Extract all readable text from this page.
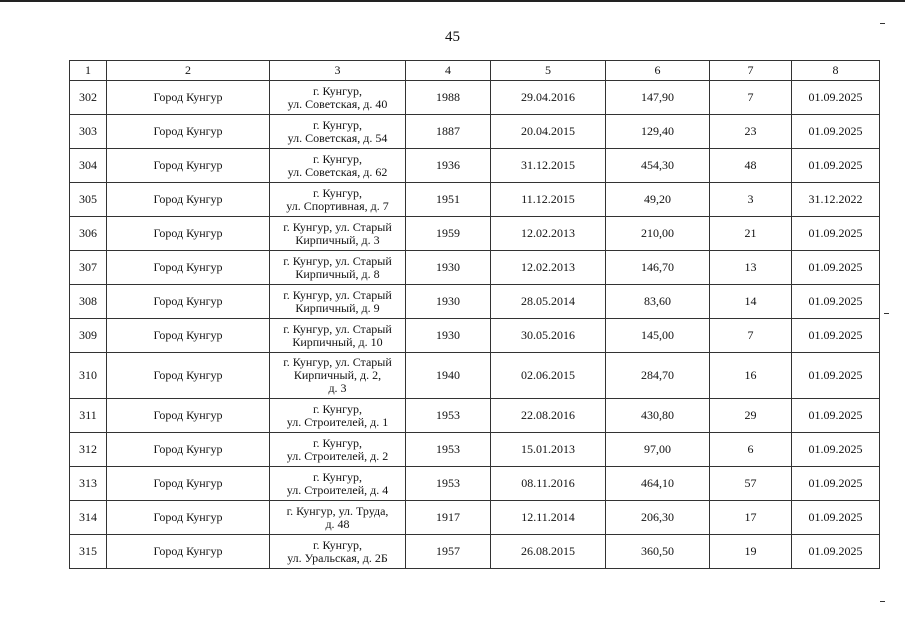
45
1	2	3	4	5	6	7	8
302	Город Кунгур	г. Кунгур,
ул. Советская, д. 40	1988	29.04.2016	147,90	7	01.09.2025
303	Город Кунгур	г. Кунгур,
ул. Советская, д. 54	1887	20.04.2015	129,40	23	01.09.2025
304	Город Кунгур	г. Кунгур,
ул. Советская, д. 62	1936	31.12.2015	454,30	48	01.09.2025
305	Город Кунгур	г. Кунгур,
ул. Спортивная, д. 7	1951	11.12.2015	49,20	3	31.12.2022
306	Город Кунгур	г. Кунгур, ул. Старый
Кирпичный, д. 3	1959	12.02.2013	210,00	21	01.09.2025
307	Город Кунгур	г. Кунгур, ул. Старый
Кирпичный, д. 8	1930	12.02.2013	146,70	13	01.09.2025
308	Город Кунгур	г. Кунгур, ул. Старый
Кирпичный, д. 9	1930	28.05.2014	83,60	14	01.09.2025
309	Город Кунгур	г. Кунгур, ул. Старый
Кирпичный, д. 10	1930	30.05.2016	145,00	7	01.09.2025
310	Город Кунгур	г. Кунгур, ул. Старый
Кирпичный, д. 2,
д. 3	1940	02.06.2015	284,70	16	01.09.2025
311	Город Кунгур	г. Кунгур,
ул. Строителей, д. 1	1953	22.08.2016	430,80	29	01.09.2025
312	Город Кунгур	г. Кунгур,
ул. Строителей, д. 2	1953	15.01.2013	97,00	6	01.09.2025
313	Город Кунгур	г. Кунгур,
ул. Строителей, д. 4	1953	08.11.2016	464,10	57	01.09.2025
314	Город Кунгур	г. Кунгур, ул. Труда,
д. 48	1917	12.11.2014	206,30	17	01.09.2025
315	Город Кунгур	г. Кунгур,
ул. Уральская, д. 2Б	1957	26.08.2015	360,50	19	01.09.2025
